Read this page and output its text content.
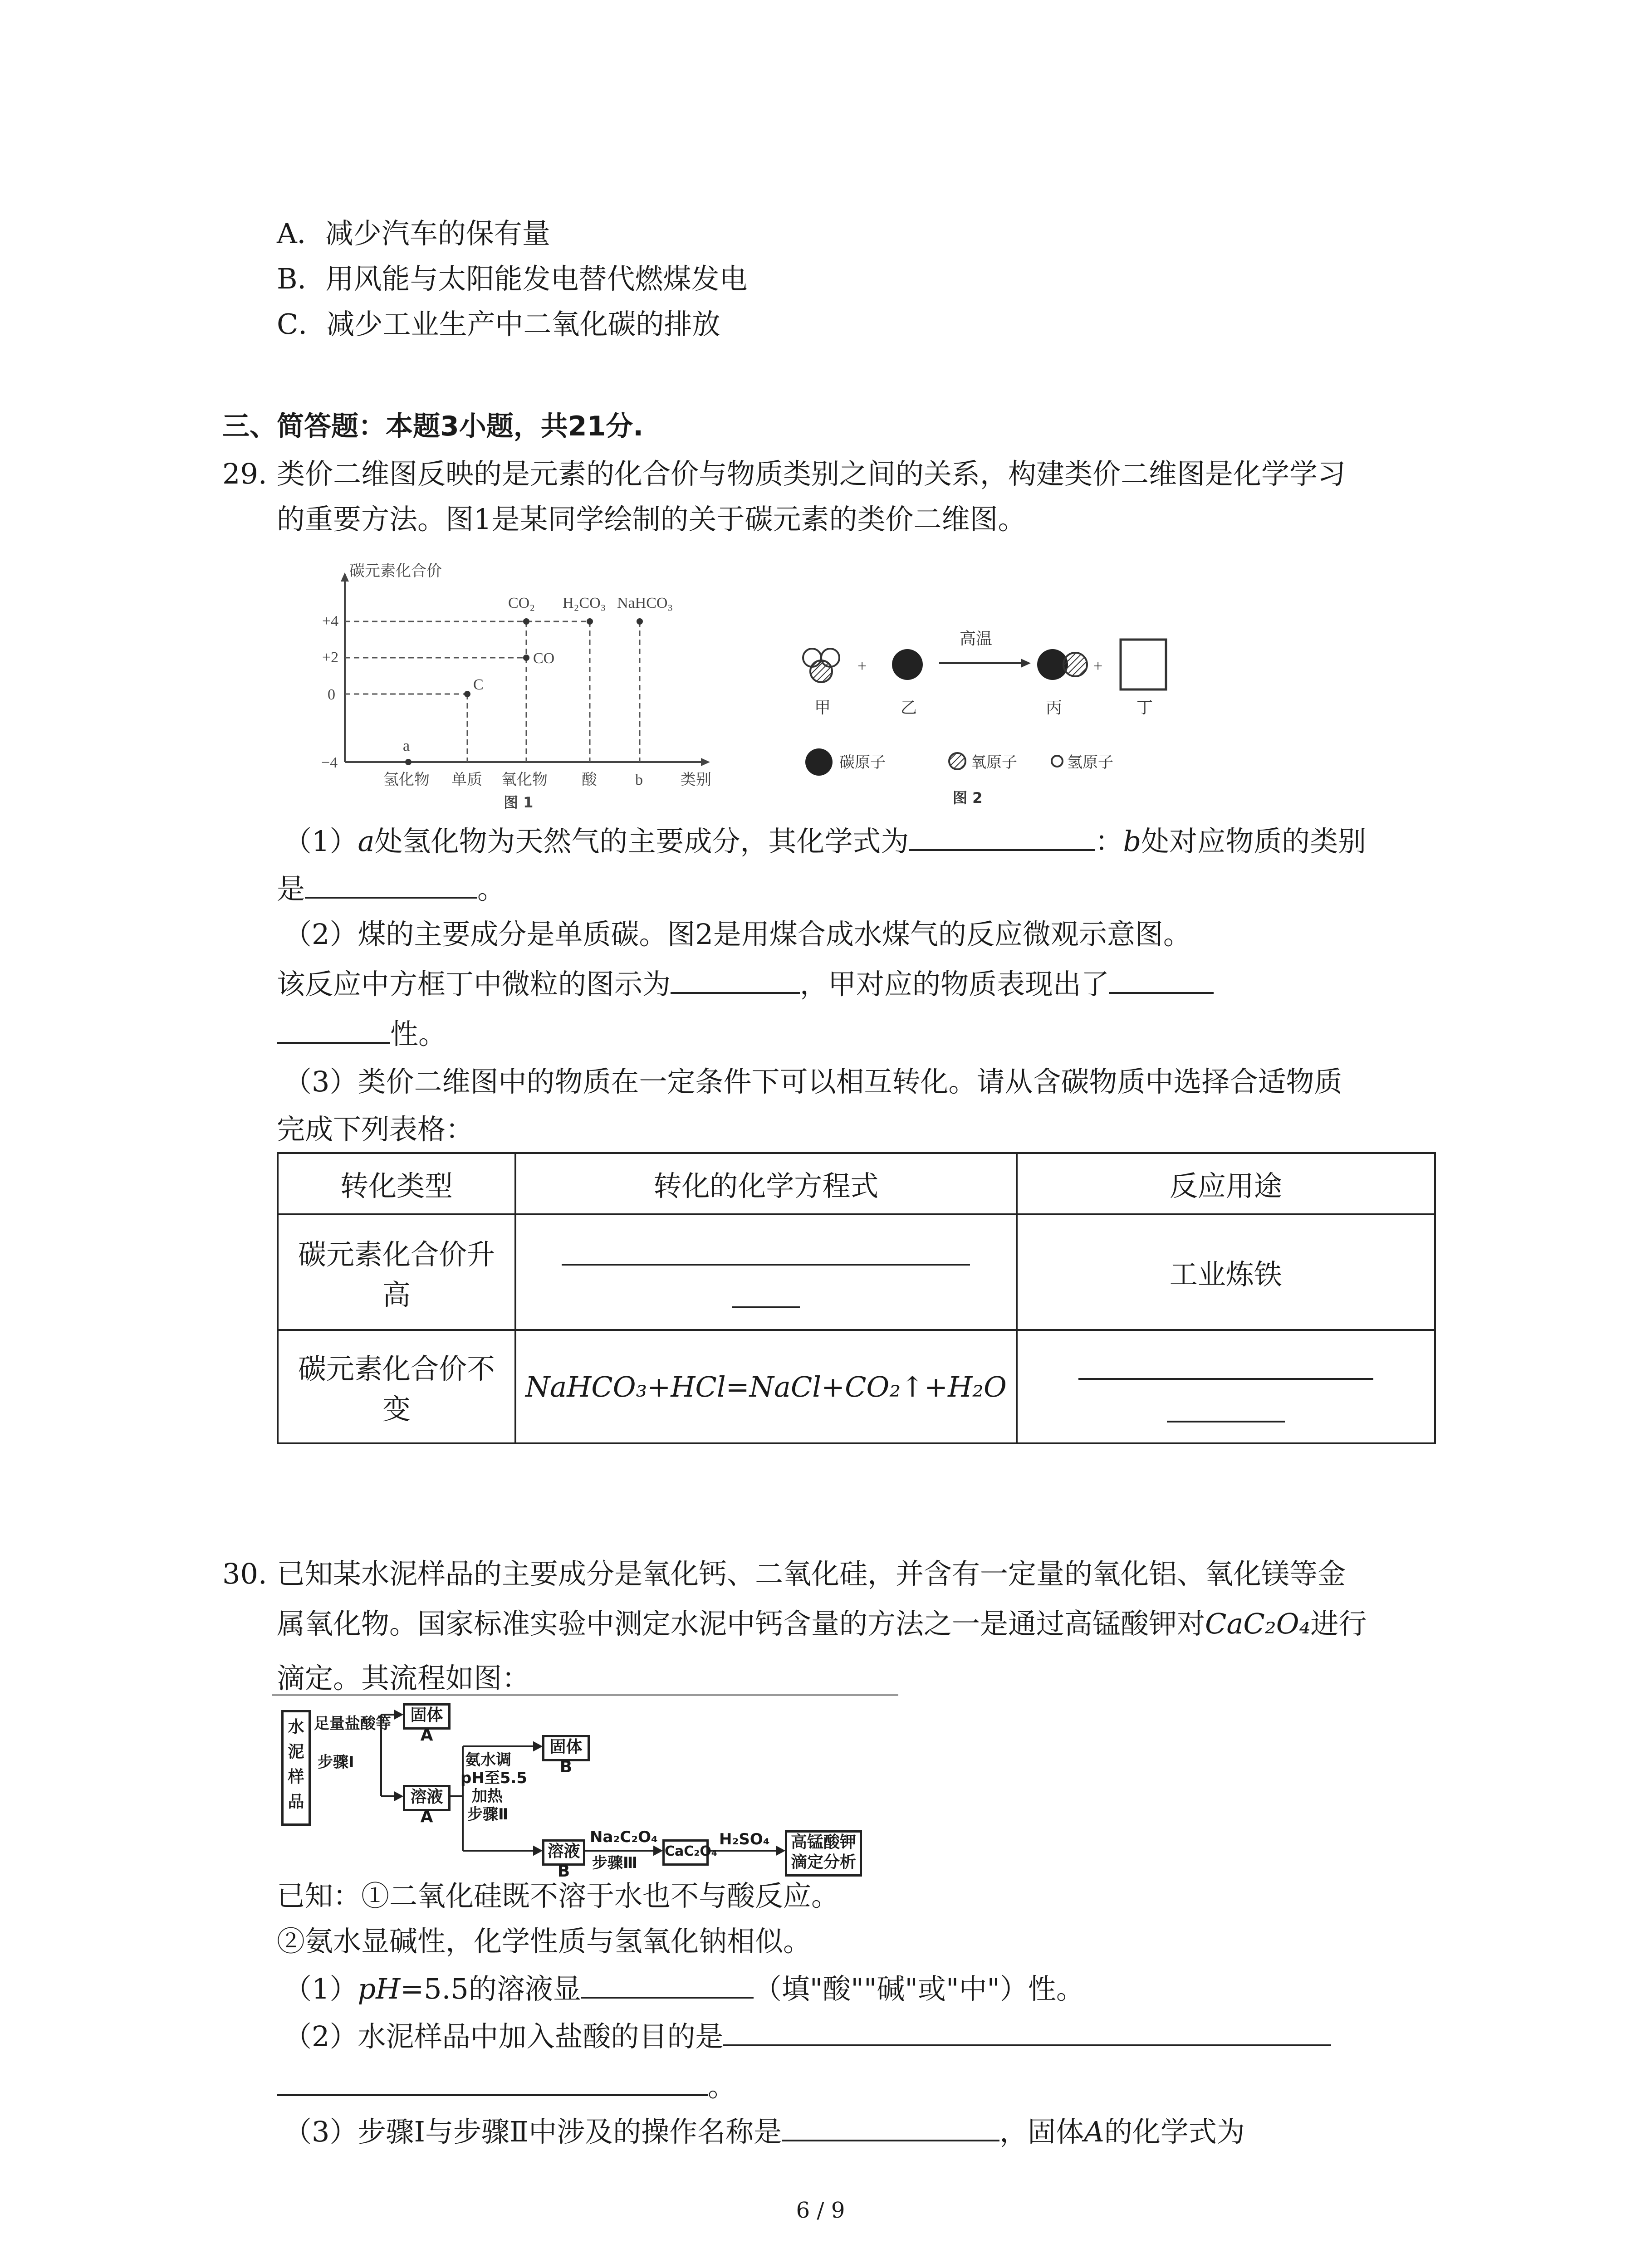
A．减少汽车的保有量
B．用风能与太阳能发电替代燃煤发电
C．减少工业生产中二氧化碳的排放
三、简答题：本题3小题，共21分.
29. 类价二维图反映的是元素的化合价与物质类别之间的关系，构建类价二维图是化学学习
的重要方法。图1是某同学绘制的关于碳元素的类价二维图。
碳元素化合价
+4
+2
0
−4
a
C
CO
CO₂ H₂CO₃ NaHCO₃
氢化物 单质 氧化物 酸 b 类别
图 1
+
高温
+
甲	乙	丙	丁
碳原子	氧原子	氢原子
图 2
（1）a处氢化物为天然气的主要成分，其化学式为	：b处对应物质的类别
是	。
（2）煤的主要成分是单质碳。图2是用煤合成水煤气的反应微观示意图。
该反应中方框丁中微粒的图示为	，甲对应的物质表现出了
性。
（3）类价二维图中的物质在一定条件下可以相互转化。请从含碳物质中选择合适物质
完成下列表格：
转化类型	转化的化学方程式	反应用途

碳元素化合价升
高		工业炼铁

碳元素化合价不
变	NaHCO₃+HCl=NaCl+CO₂↑+H₂O	
30. 已知某水泥样品的主要成分是氧化钙、二氧化硅，并含有一定量的氧化铝、氧化镁等金
属氧化物。国家标准实验中测定水泥中钙含量的方法之一是通过高锰酸钾对CaC₂O₄进行
滴定。其流程如图：
水泥样品
足量盐酸等
步骤Ⅰ
固体A
溶液A
氨水调
pH至5.5
加热
步骤Ⅱ
固体B
溶液B
Na₂C₂O₄
步骤Ⅲ
CaC₂O₄
H₂SO₄ 高锰酸钾
滴定分析
已知：①二氧化硅既不溶于水也不与酸反应。
②氨水显碱性，化学性质与氢氧化钠相似。
（1）pH=5.5的溶液显	（填"酸""碱"或"中"）性。
（2）水泥样品中加入盐酸的目的是
。
（3）步骤Ⅰ与步骤Ⅱ中涉及的操作名称是	，固体A的化学式为
6 / 9
